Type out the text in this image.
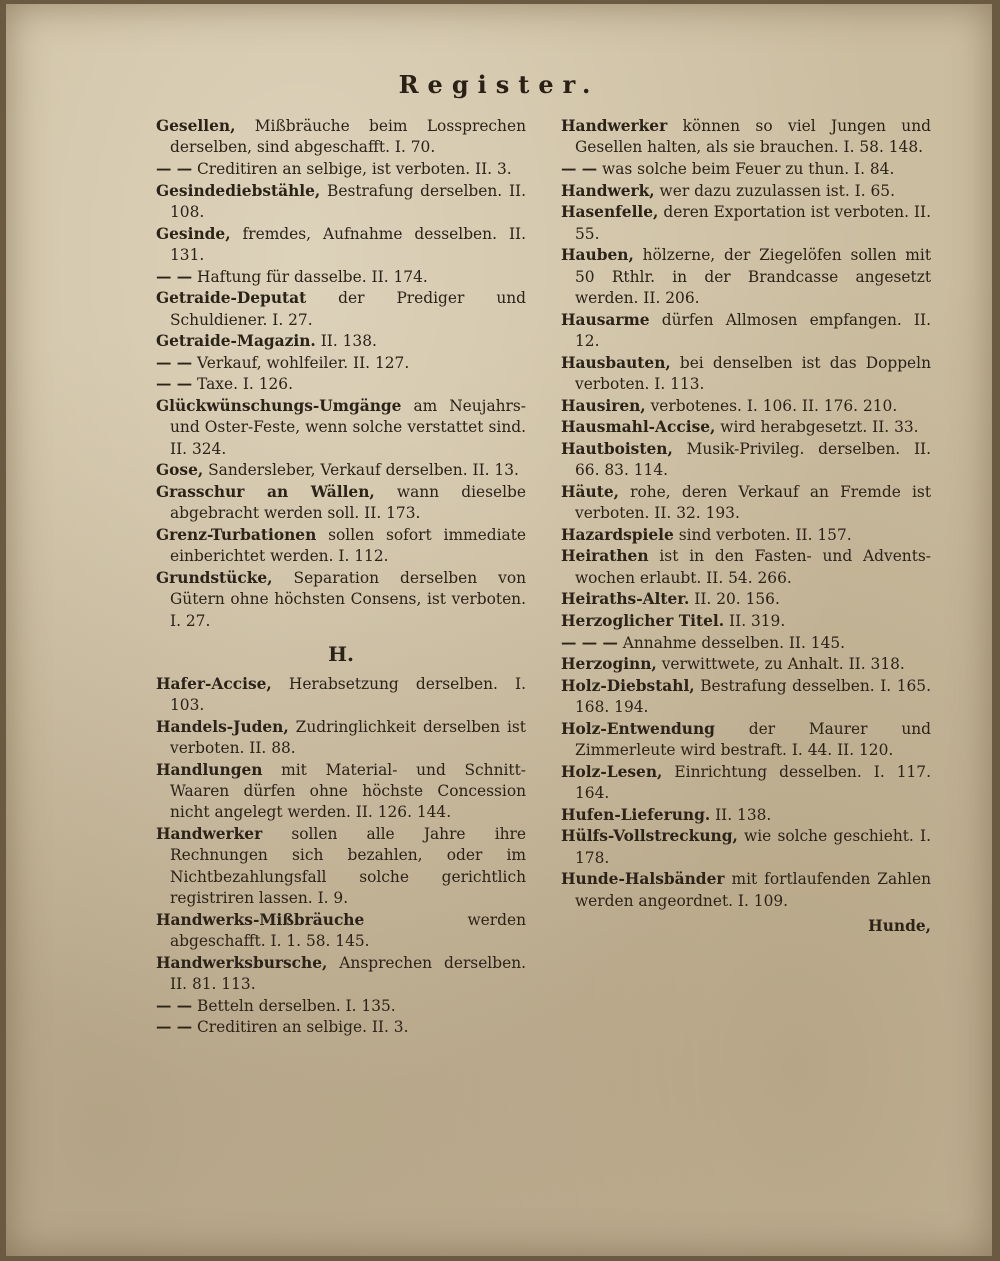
Register.
Gesellen, Mißbräuche beim Lossprechen derselben, sind abgeschafft. I. 70.
— — Creditiren an selbige, ist verboten. II. 3.
Gesindediebstähle, Bestrafung derselben. II. 108.
Gesinde, fremdes, Aufnahme desselben. II. 131.
— — Haftung für dasselbe. II. 174.
Getraide-Deputat der Prediger und Schuldiener. I. 27.
Getraide-Magazin. II. 138.
— — Verkauf, wohlfeiler. II. 127.
— — Taxe. I. 126.
Glückwünschungs-Umgänge am Neujahrs- und Oster-Feste, wenn solche verstattet sind. II. 324.
Gose, Sandersleber, Verkauf derselben. II. 13.
Grasschur an Wällen, wann dieselbe abgebracht werden soll. II. 173.
Grenz-Turbationen sollen sofort immediate einberichtet werden. I. 112.
Grundstücke, Separation derselben von Gütern ohne höchsten Consens, ist verboten. I. 27.
H.
Hafer-Accise, Herabsetzung derselben. I. 103.
Handels-Juden, Zudringlichkeit derselben ist verboten. II. 88.
Handlungen mit Material- und Schnitt-Waaren dürfen ohne höchste Concession nicht angelegt werden. II. 126. 144.
Handwerker sollen alle Jahre ihre Rechnungen sich bezahlen, oder im Nichtbezahlungsfall solche gerichtlich registriren lassen. I. 9.
Handwerks-Mißbräuche werden abgeschafft. I. 1. 58. 145.
Handwerksbursche, Ansprechen derselben. II. 81. 113.
— — Betteln derselben. I. 135.
— — Creditiren an selbige. II. 3.
Handwerker können so viel Jungen und Gesellen halten, als sie brauchen. I. 58. 148.
— — was solche beim Feuer zu thun. I. 84.
Handwerk, wer dazu zuzulassen ist. I. 65.
Hasenfelle, deren Exportation ist verboten. II. 55.
Hauben, hölzerne, der Ziegelöfen sollen mit 50 Rthlr. in der Brandcasse angesetzt werden. II. 206.
Hausarme dürfen Allmosen empfangen. II. 12.
Hausbauten, bei denselben ist das Doppeln verboten. I. 113.
Hausiren, verbotenes. I. 106. II. 176. 210.
Hausmahl-Accise, wird herabgesetzt. II. 33.
Hautboisten, Musik-Privileg. derselben. II. 66. 83. 114.
Häute, rohe, deren Verkauf an Fremde ist verboten. II. 32. 193.
Hazardspiele sind verboten. II. 157.
Heirathen ist in den Fasten- und Advents-wochen erlaubt. II. 54. 266.
Heiraths-Alter. II. 20. 156.
Herzoglicher Titel. II. 319.
— — — Annahme desselben. II. 145.
Herzoginn, verwittwete, zu Anhalt. II. 318.
Holz-Diebstahl, Bestrafung desselben. I. 165. 168. 194.
Holz-Entwendung der Maurer und Zimmerleute wird bestraft. I. 44. II. 120.
Holz-Lesen, Einrichtung desselben. I. 117. 164.
Hufen-Lieferung. II. 138.
Hülfs-Vollstreckung, wie solche geschieht. I. 178.
Hunde-Halsbänder mit fortlaufenden Zahlen werden angeordnet. I. 109.
Hunde,
